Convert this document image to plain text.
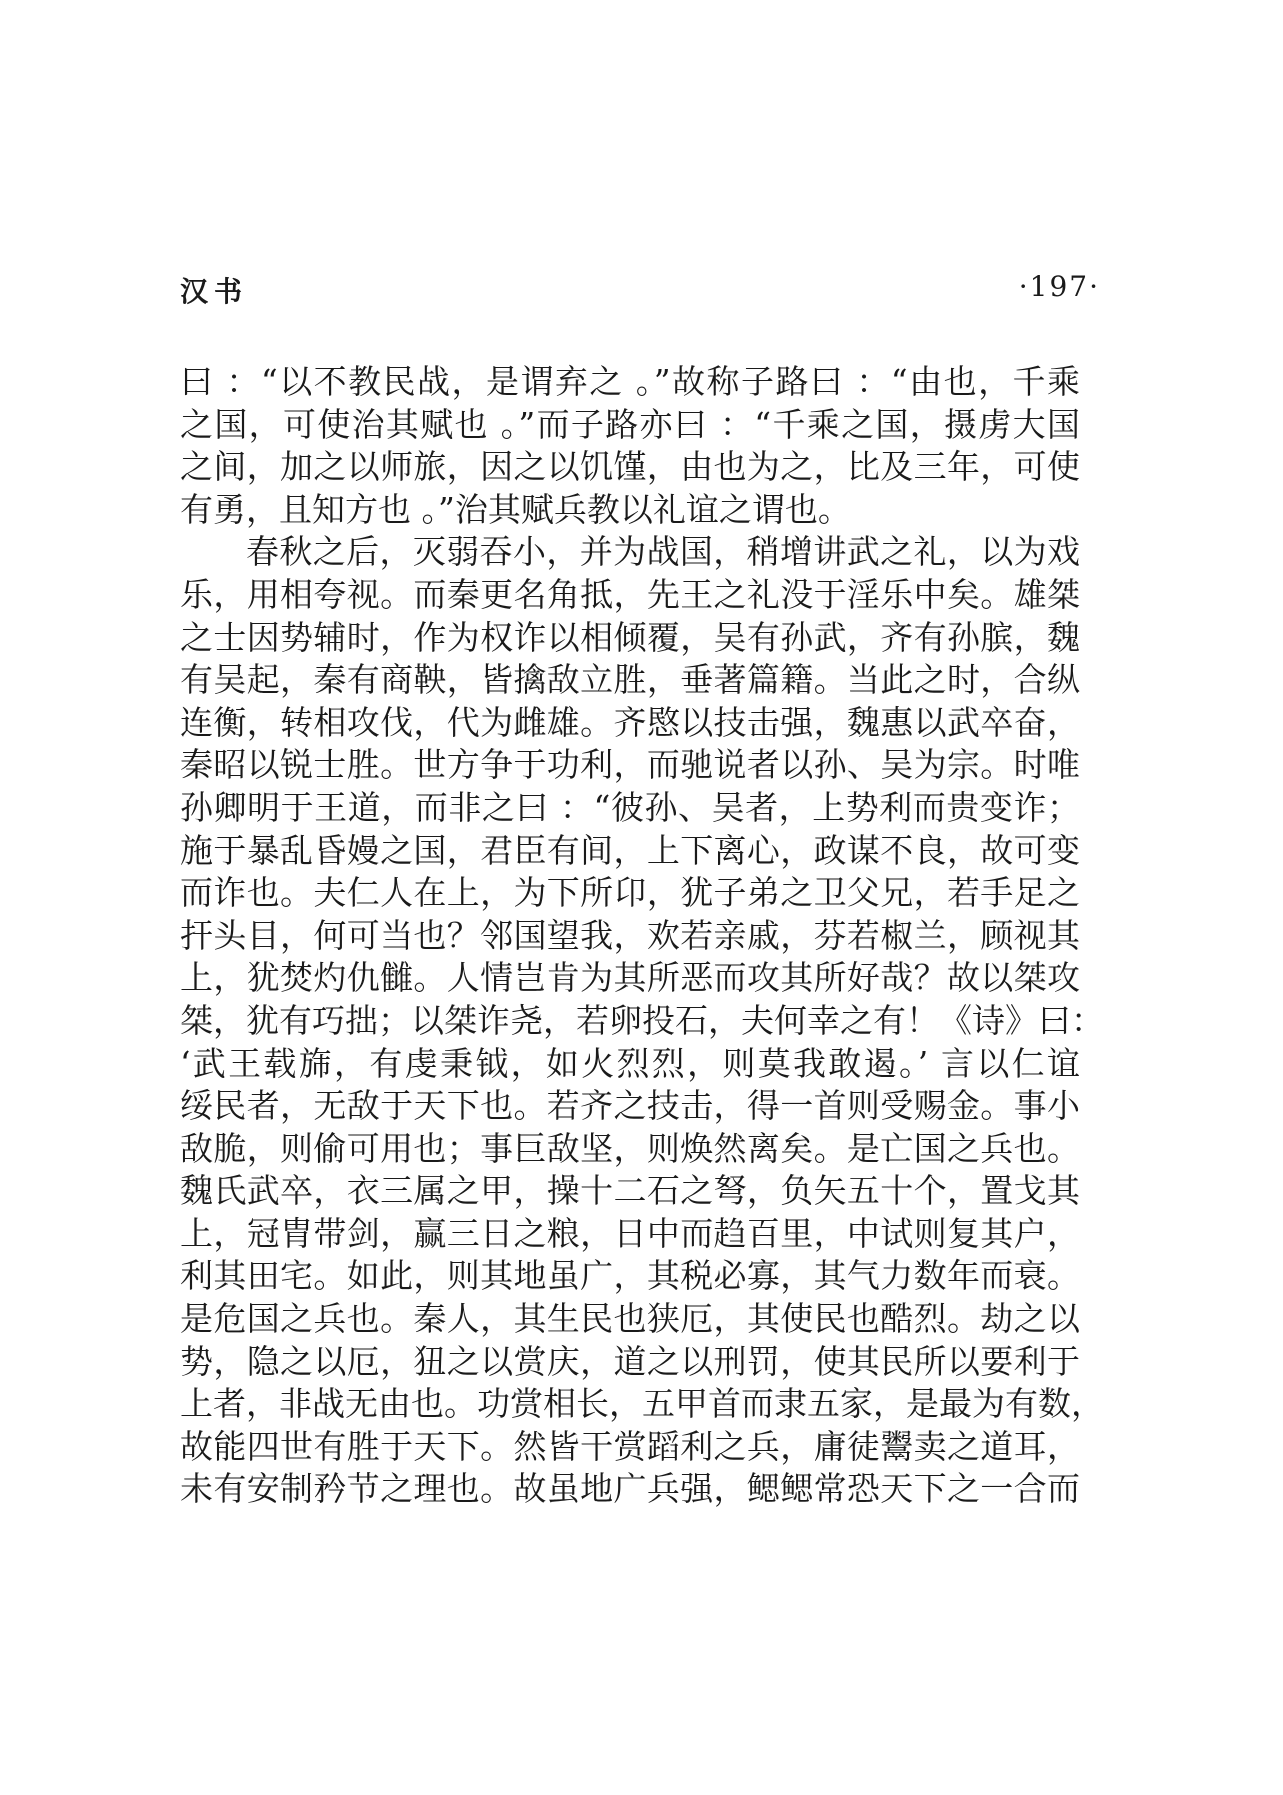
汉书	·197·
曰 ：“以不教民战，是谓弃之 。”故称子路曰 ：“由也，千乘
之国，可使治其赋也 。”而子路亦曰 ：“千乘之国，摄虏大国
之间，加之以师旅，因之以饥馑，由也为之，比及三年，可使
有勇，且知方也 。”治其赋兵教以礼谊之谓也。
春秋之后，灭弱吞小，并为战国，稍增讲武之礼，以为戏
乐，用相夸视。而秦更名角抵，先王之礼没于淫乐中矣。雄桀
之士因势辅时，作为权诈以相倾覆，吴有孙武，齐有孙膑，魏
有吴起，秦有商鞅，皆擒敌立胜，垂著篇籍。当此之时，合纵
连衡，转相攻伐，代为雌雄。齐愍以技击强，魏惠以武卒奋，
秦昭以锐士胜。世方争于功利，而驰说者以孙、吴为宗。时唯
孙卿明于王道，而非之曰 ：“彼孙、吴者，上势利而贵变诈；
施于暴乱昏嫚之国，君臣有间，上下离心，政谋不良，故可变
而诈也。夫仁人在上，为下所卬，犹子弟之卫父兄，若手足之
扞头目，何可当也？邻国望我，欢若亲戚，芬若椒兰，顾视其
上，犹焚灼仇雠。人情岂肯为其所恶而攻其所好哉？故以桀攻
桀，犹有巧拙；以桀诈尧，若卵投石，夫何幸之有！《诗》曰：
‘武王载旆，有虔秉钺，如火烈烈，则莫我敢遏。’ 言以仁谊
绥民者，无敌于天下也。若齐之技击，得一首则受赐金。事小
敌脆，则偷可用也；事巨敌坚，则焕然离矣。是亡国之兵也。
魏氏武卒，衣三属之甲，操十二石之弩，负矢五十个，置戈其
上，冠胄带剑，赢三日之粮，日中而趋百里，中试则复其户，
利其田宅。如此，则其地虽广，其税必寡，其气力数年而衰。
是危国之兵也。秦人，其生民也狭厄，其使民也酷烈。劫之以
势，隐之以厄，狃之以赏庆，道之以刑罚，使其民所以要利于
上者，非战无由也。功赏相长，五甲首而隶五家，是最为有数，
故能四世有胜于天下。然皆干赏蹈利之兵，庸徒鬻卖之道耳，
未有安制矜节之理也。故虽地广兵强，鳃鳃常恐天下之一合而
